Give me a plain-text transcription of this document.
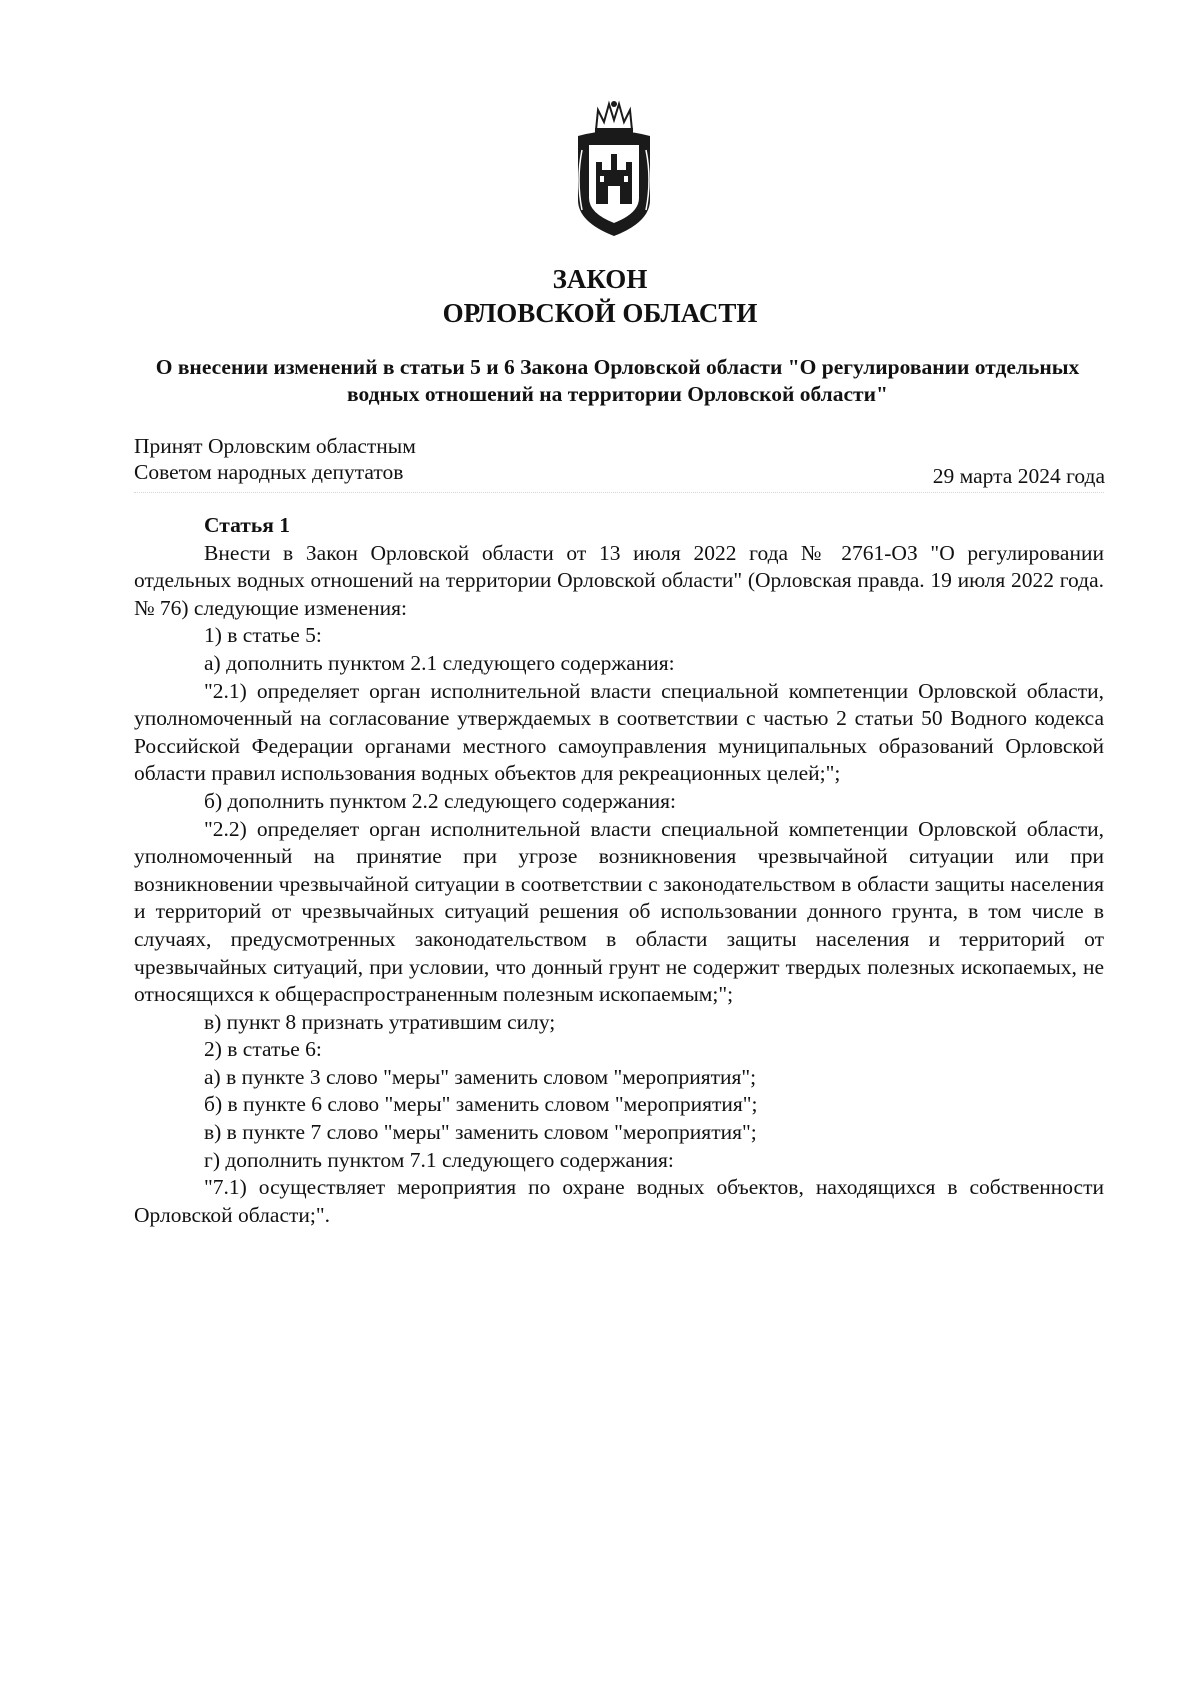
ЗАКОН

ОРЛОВСКОЙ ОБЛАСТИ

О внесении изменений в статьи 5 и 6 Закона Орловской области "О регулировании отдельных водных отношений на территории Орловской области"

Принят Орловским областным
Советом народных депутатов	29 марта 2024 года
Статья 1

Внести в Закон Орловской области от 13 июля 2022 года № 2761-ОЗ "О регулировании отдельных водных отношений на территории Орловской области" (Орловская правда. 19 июля 2022 года. № 76) следующие изменения:

1) в статье 5:

а) дополнить пунктом 2.1 следующего содержания:

"2.1) определяет орган исполнительной власти специальной компетенции Орловской области, уполномоченный на согласование утверждаемых в соответствии с частью 2 статьи 50 Водного кодекса Российской Федерации органами местного самоуправления муниципальных образований Орловской области правил использования водных объектов для рекреационных целей;";

б) дополнить пунктом 2.2 следующего содержания:

"2.2) определяет орган исполнительной власти специальной компетенции Орловской области, уполномоченный на принятие при угрозе возникновения чрезвычайной ситуации или при возникновении чрезвычайной ситуации в соответствии с законодательством в области защиты населения и территорий от чрезвычайных ситуаций решения об использовании донного грунта, в том числе в случаях, предусмотренных законодательством в области защиты населения и территорий от чрезвычайных ситуаций, при условии, что донный грунт не содержит твердых полезных ископаемых, не относящихся к общераспространенным полезным ископаемым;";

в) пункт 8 признать утратившим силу;

2) в статье 6:

а) в пункте 3 слово "меры" заменить словом "мероприятия";

б) в пункте 6 слово "меры" заменить словом "мероприятия";

в) в пункте 7 слово "меры" заменить словом "мероприятия";

г) дополнить пунктом 7.1 следующего содержания:

"7.1) осуществляет мероприятия по охране водных объектов, находящихся в собственности Орловской области;".
